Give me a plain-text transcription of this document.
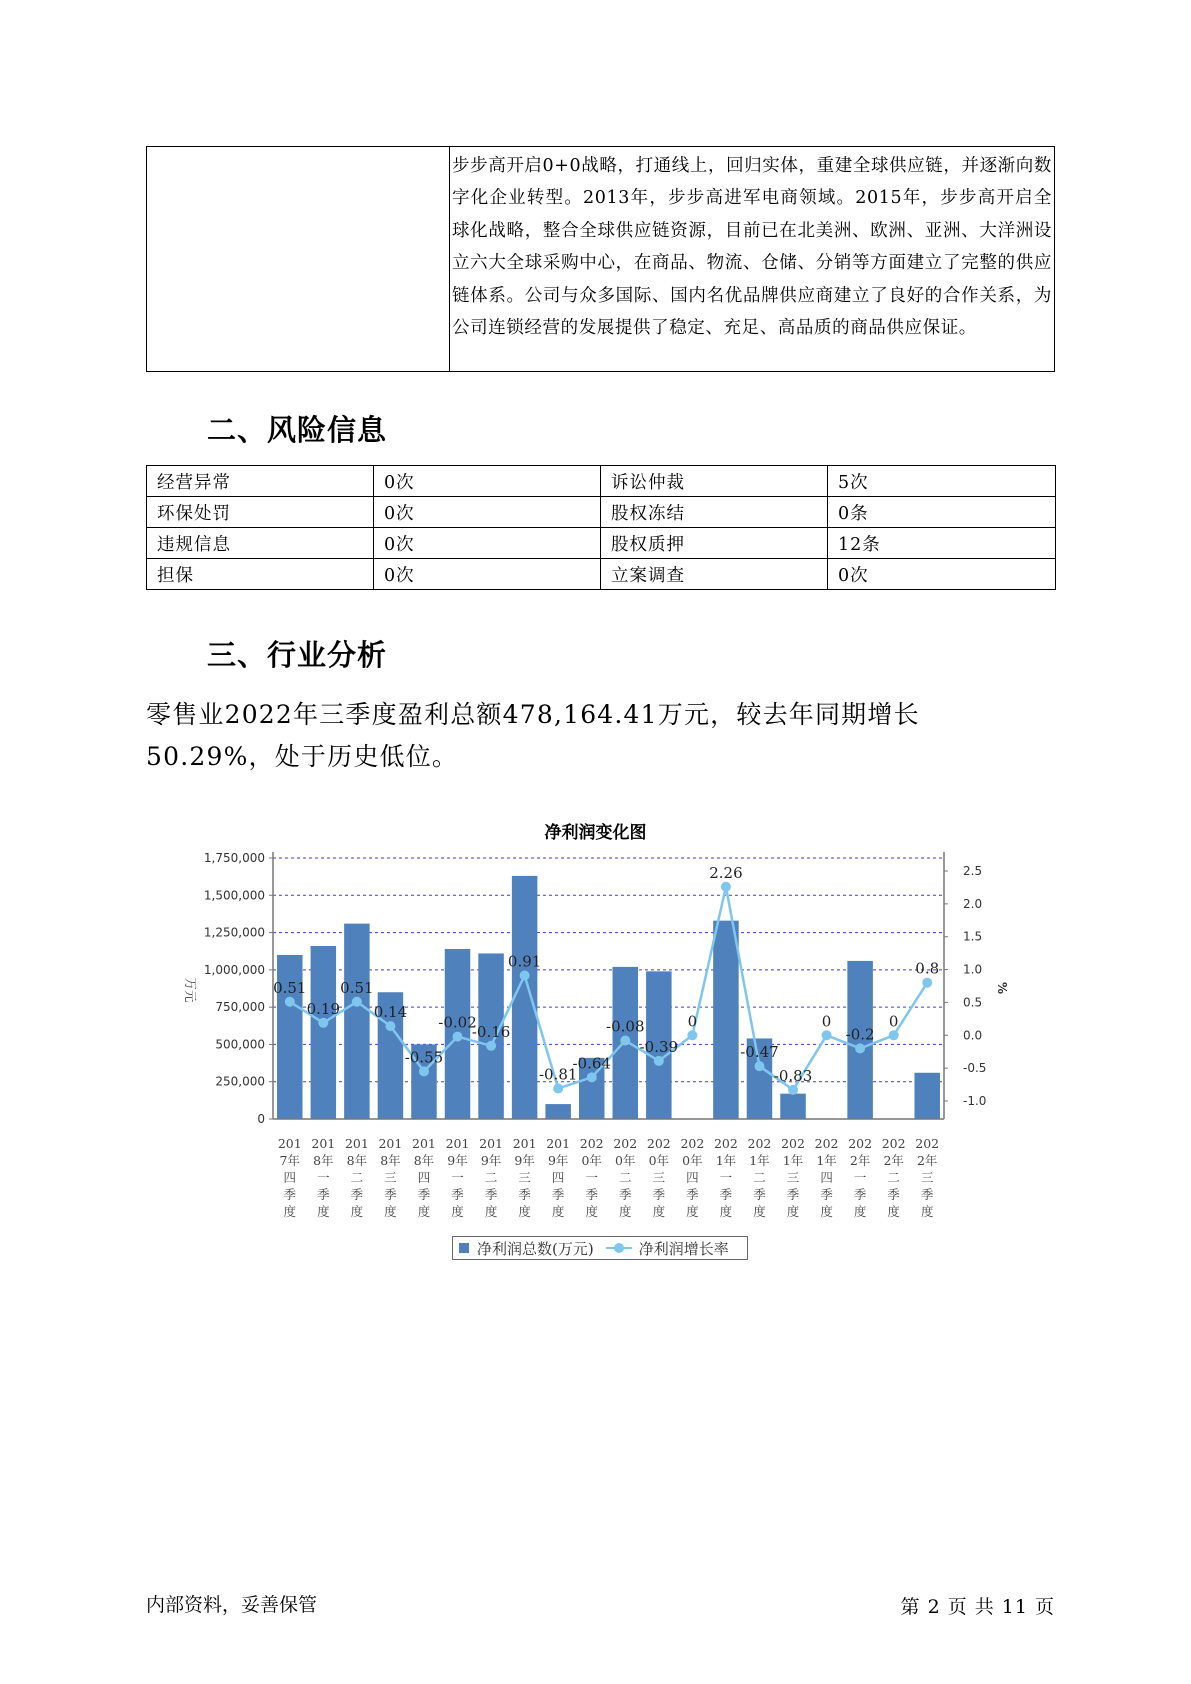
步步高开启0+0战略，打通线上，回归实体，重建全球供应链，并逐渐向数字化企业转型。2013年，步步高进军电商领域。2015年，步步高开启全球化战略，整合全球供应链资源，目前已在北美洲、欧洲、亚洲、大洋洲设立六大全球采购中心，在商品、物流、仓储、分销等方面建立了完整的供应链体系。公司与众多国际、国内名优品牌供应商建立了良好的合作关系，为公司连锁经营的发展提供了稳定、充足、高品质的商品供应保证。
二、风险信息
经营异常	0次	诉讼仲裁	5次
环保处罚	0次	股权冻结	0条
违规信息	0次	股权质押	12条
担保	0次	立案调查	0次
三、行业分析
零售业2022年三季度盈利总额478,164.41万元，较去年同期增长50.29%，处于历史低位。
净利润变化图
0
250,000
500,000
750,000
1,000,000
1,250,000
1,500,000
1,750,000
-1.0
-0.5
0.0
0.5
1.0
1.5
2.0
2.5
0.51
0.19
0.51
0.14
-0.55
-0.02
-0.16
0.91
-0.81
-0.64
-0.08
-0.39
0
2.26
-0.47
-0.83
0
-0.2
0
0.8
201 7年四季度
201 8年一季度
201 8年二季度
201 8年三季度
201 8年四季度
201 9年一季度
201 9年二季度
201 9年三季度
201 9年四季度
202 0年一季度
202 0年二季度
202 0年三季度
202 0年四季度
202 1年一季度
202 1年二季度
202 1年三季度
202 1年四季度
202 2年一季度
202 2年二季度
202 2年三季度
万元	%
净利润总数(万元)	净利润增长率
内部资料，妥善保管	第 2 页 共 11 页
